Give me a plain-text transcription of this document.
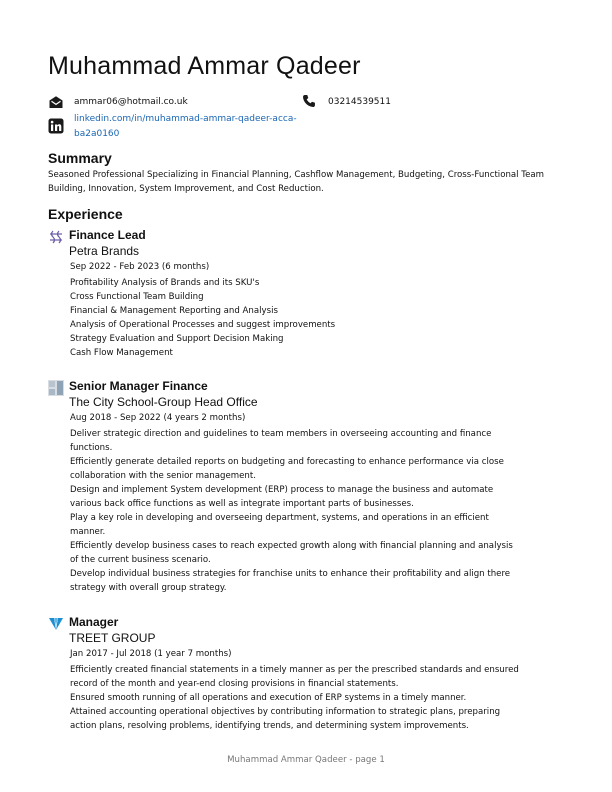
Muhammad Ammar Qadeer
ammar06@hotmail.co.uk	03214539511
linkedin.com/in/muhammad-ammar-qadeer-acca-ba2a0160
Summary

Seasoned Professional Specializing in Financial Planning, Cashflow Management, Budgeting, Cross-Functional Team Building, Innovation, System Improvement, and Cost Reduction.

Experience

Finance Lead

Petra Brands

Sep 2022 - Feb 2023 (6 months)

Profitability Analysis of Brands and its SKU's
Cross Functional Team Building
Financial & Management Reporting and Analysis
Analysis of Operational Processes and suggest improvements
Strategy Evaluation and Support Decision Making
Cash Flow Management

Senior Manager Finance

The City School-Group Head Office

Aug 2018 - Sep 2022 (4 years 2 months)

Deliver strategic direction and guidelines to team members in overseeing accounting and finance
functions.
Efficiently generate detailed reports on budgeting and forecasting to enhance performance via close
collaboration with the senior management.
Design and implement System development (ERP) process to manage the business and automate
various back office functions as well as integrate important parts of businesses.
Play a key role in developing and overseeing department, systems, and operations in an efficient
manner.
Efficiently develop business cases to reach expected growth along with financial planning and analysis
of the current business scenario.
Develop individual business strategies for franchise units to enhance their profitability and align there
strategy with overall group strategy.

Manager

TREET GROUP

Jan 2017 - Jul 2018 (1 year 7 months)

Efficiently created financial statements in a timely manner as per the prescribed standards and ensured
record of the month and year-end closing provisions in financial statements.
Ensured smooth running of all operations and execution of ERP systems in a timely manner.
Attained accounting operational objectives by contributing information to strategic plans, preparing
action plans, resolving problems, identifying trends, and determining system improvements.
Muhammad Ammar Qadeer - page 1
